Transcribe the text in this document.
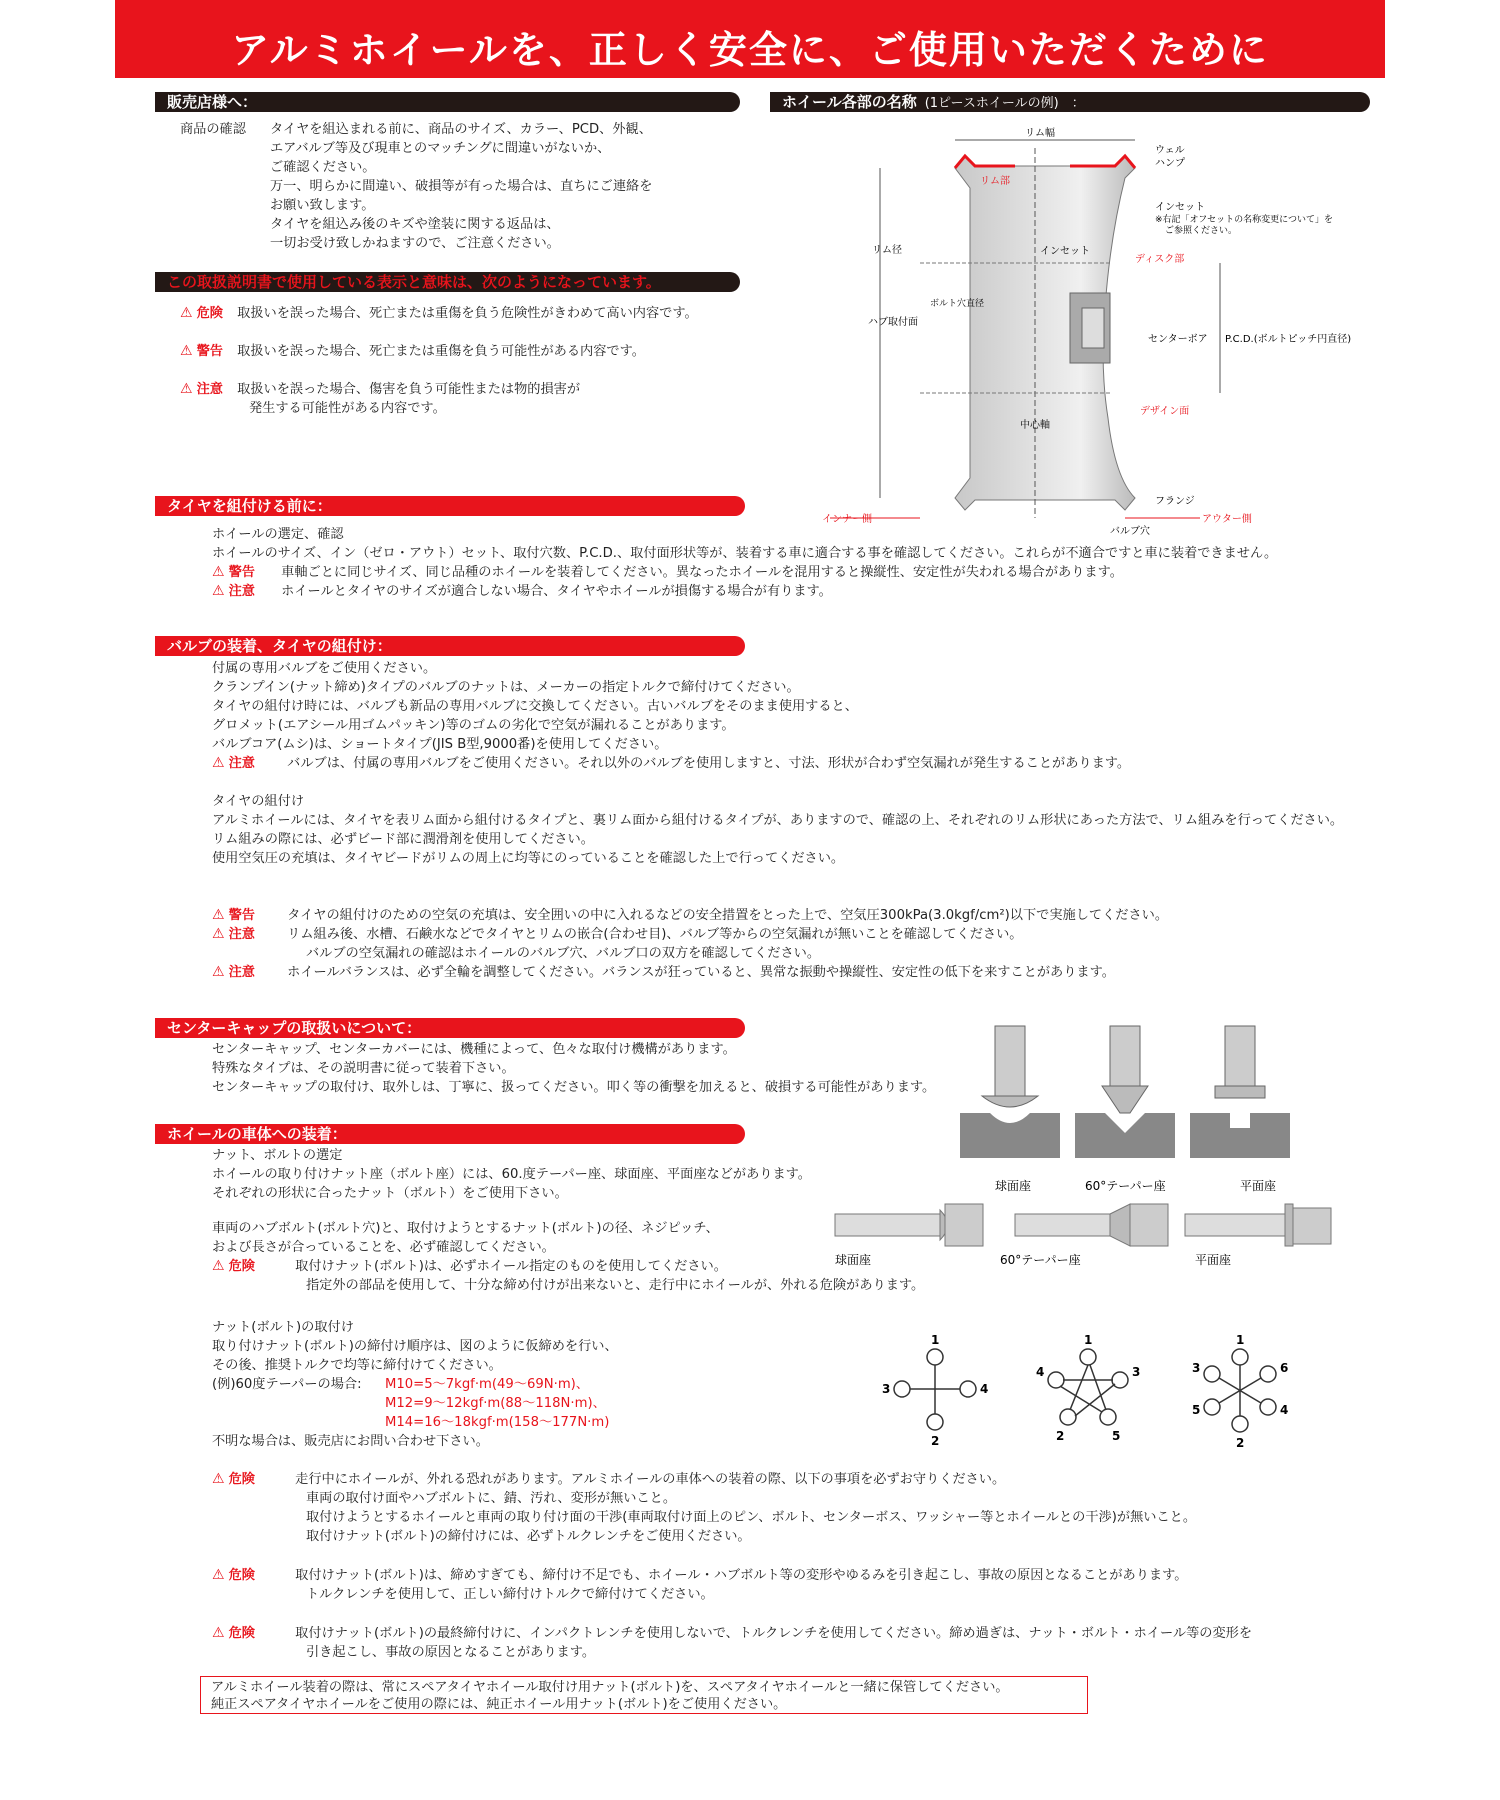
アルミホイールを、正しく安全に、ご使用いただくために
販売店様へ：
商品の確認 タイヤを組込まれる前に、商品のサイズ、カラー、PCD、外観、
エアバルブ等及び現車とのマッチングに間違いがないか、
ご確認ください。
万一、明らかに間違い、破損等が有った場合は、直ちにご連絡を
お願い致します。
タイヤを組込み後のキズや塗装に関する返品は、
一切お受け致しかねますので、ご注意ください。
この取扱説明書で使用している表示と意味は、次のようになっています。
⚠ 危険 取扱いを誤った場合、死亡または重傷を負う危険性がきわめて高い内容です。
⚠ 警告 取扱いを誤った場合、死亡または重傷を負う可能性がある内容です。
⚠ 注意 取扱いを誤った場合、傷害を負う可能性または物的損害が
発生する可能性がある内容です。
ホイール各部の名称 (1ピースホイールの例)　：
リム幅
リム部
ウェル
ハンプ
インセット
※右記「オフセットの名称変更について」を
ご参照ください。
リム径	インセット
ディスク部
ボルト穴直径
ハブ取付面
センターボア P.C.D.(ボルトピッチ円直径)
デザイン面
中心軸
フランジ
インナー側	アウター側
バルブ穴
タイヤを組付ける前に：
ホイールの選定、確認
ホイールのサイズ、イン（ゼロ・アウト）セット、取付穴数、P.C.D.、取付面形状等が、装着する車に適合する事を確認してください。これらが不適合ですと車に装着できません。
⚠ 警告 車軸ごとに同じサイズ、同じ品種のホイールを装着してください。異なったホイールを混用すると操縦性、安定性が失われる場合があります。
⚠ 注意 ホイールとタイヤのサイズが適合しない場合、タイヤやホイールが損傷する場合が有ります。
バルブの装着、タイヤの組付け：
付属の専用バルブをご使用ください。
クランプイン(ナット締め)タイプのバルブのナットは、メーカーの指定トルクで締付けてください。
タイヤの組付け時には、バルブも新品の専用バルブに交換してください。古いバルブをそのまま使用すると、
グロメット(エアシール用ゴムパッキン)等のゴムの劣化で空気が漏れることがあります。
バルブコア(ムシ)は、ショートタイプ(JIS B型,9000番)を使用してください。
⚠ 注意 バルブは、付属の専用バルブをご使用ください。それ以外のバルブを使用しますと、寸法、形状が合わず空気漏れが発生することがあります。
タイヤの組付け
アルミホイールには、タイヤを表リム面から組付けるタイプと、裏リム面から組付けるタイプが、ありますので、確認の上、それぞれのリム形状にあった方法で、リム組みを行ってください。
リム組みの際には、必ずビード部に潤滑剤を使用してください。
使用空気圧の充填は、タイヤビードがリムの周上に均等にのっていることを確認した上で行ってください。
⚠ 警告 タイヤの組付けのための空気の充填は、安全囲いの中に入れるなどの安全措置をとった上で、空気圧300kPa(3.0kgf/cm²)以下で実施してください。
⚠ 注意 リム組み後、水槽、石鹸水などでタイヤとリムの嵌合(合わせ目)、バルブ等からの空気漏れが無いことを確認してください。
バルブの空気漏れの確認はホイールのバルブ穴、バルブ口の双方を確認してください。
⚠ 注意 ホイールバランスは、必ず全輪を調整してください。バランスが狂っていると、異常な振動や操縦性、安定性の低下を来すことがあります。
センターキャップの取扱いについて：
センターキャップ、センターカバーには、機種によって、色々な取付け機構があります。
特殊なタイプは、その説明書に従って装着下さい。
センターキャップの取付け、取外しは、丁寧に、扱ってください。叩く等の衝撃を加えると、破損する可能性があります。
球面座	60°テーパー座	平面座
ホイールの車体への装着：
ナット、ボルトの選定
ホイールの取り付けナット座（ボルト座）には、60.度テーパー座、球面座、平面座などがあります。
それぞれの形状に合ったナット（ボルト）をご使用下さい。
車両のハブボルト(ボルト穴)と、取付けようとするナット(ボルト)の径、ネジピッチ、
および長さが合っていることを、必ず確認してください。
⚠ 危険	取付けナット(ボルト)は、必ずホイール指定のものを使用してください。
指定外の部品を使用して、十分な締め付けが出来ないと、走行中にホイールが、外れる危険があります。
球面座	60°テーパー座	平面座
ナット(ボルト)の取付け
取り付けナット(ボルト)の締付け順序は、図のように仮締めを行い、
その後、推奨トルクで均等に締付けてください。
(例)60度テーパーの場合: M10=5～7kgf·m(49～69N·m)、
M12=9～12kgf·m(88～118N·m)、
M14=16～18kgf·m(158～177N·m)
不明な場合は、販売店にお問い合わせ下さい。
1
2
3	4
1
2
3
4
5
1
2
3
4
5
6
⚠ 危険	走行中にホイールが、外れる恐れがあります。アルミホイールの車体への装着の際、以下の事項を必ずお守りください。
車両の取付け面やハブボルトに、錆、汚れ、変形が無いこと。
取付けようとするホイールと車両の取り付け面の干渉(車両取付け面上のピン、ボルト、センターボス、ワッシャー等とホイールとの干渉)が無いこと。
取付けナット(ボルト)の締付けには、必ずトルクレンチをご使用ください。
⚠ 危険	取付けナット(ボルト)は、締めすぎても、締付け不足でも、ホイール・ハブボルト等の変形やゆるみを引き起こし、事故の原因となることがあります。
トルクレンチを使用して、正しい締付けトルクで締付けてください。
⚠ 危険	取付けナット(ボルト)の最終締付けに、インパクトレンチを使用しないで、トルクレンチを使用してください。締め過ぎは、ナット・ボルト・ホイール等の変形を
引き起こし、事故の原因となることがあります。
アルミホイール装着の際は、常にスペアタイヤホイール取付け用ナット(ボルト)を、スペアタイヤホイールと一緒に保管してください。
純正スペアタイヤホイールをご使用の際には、純正ホイール用ナット(ボルト)をご使用ください。
